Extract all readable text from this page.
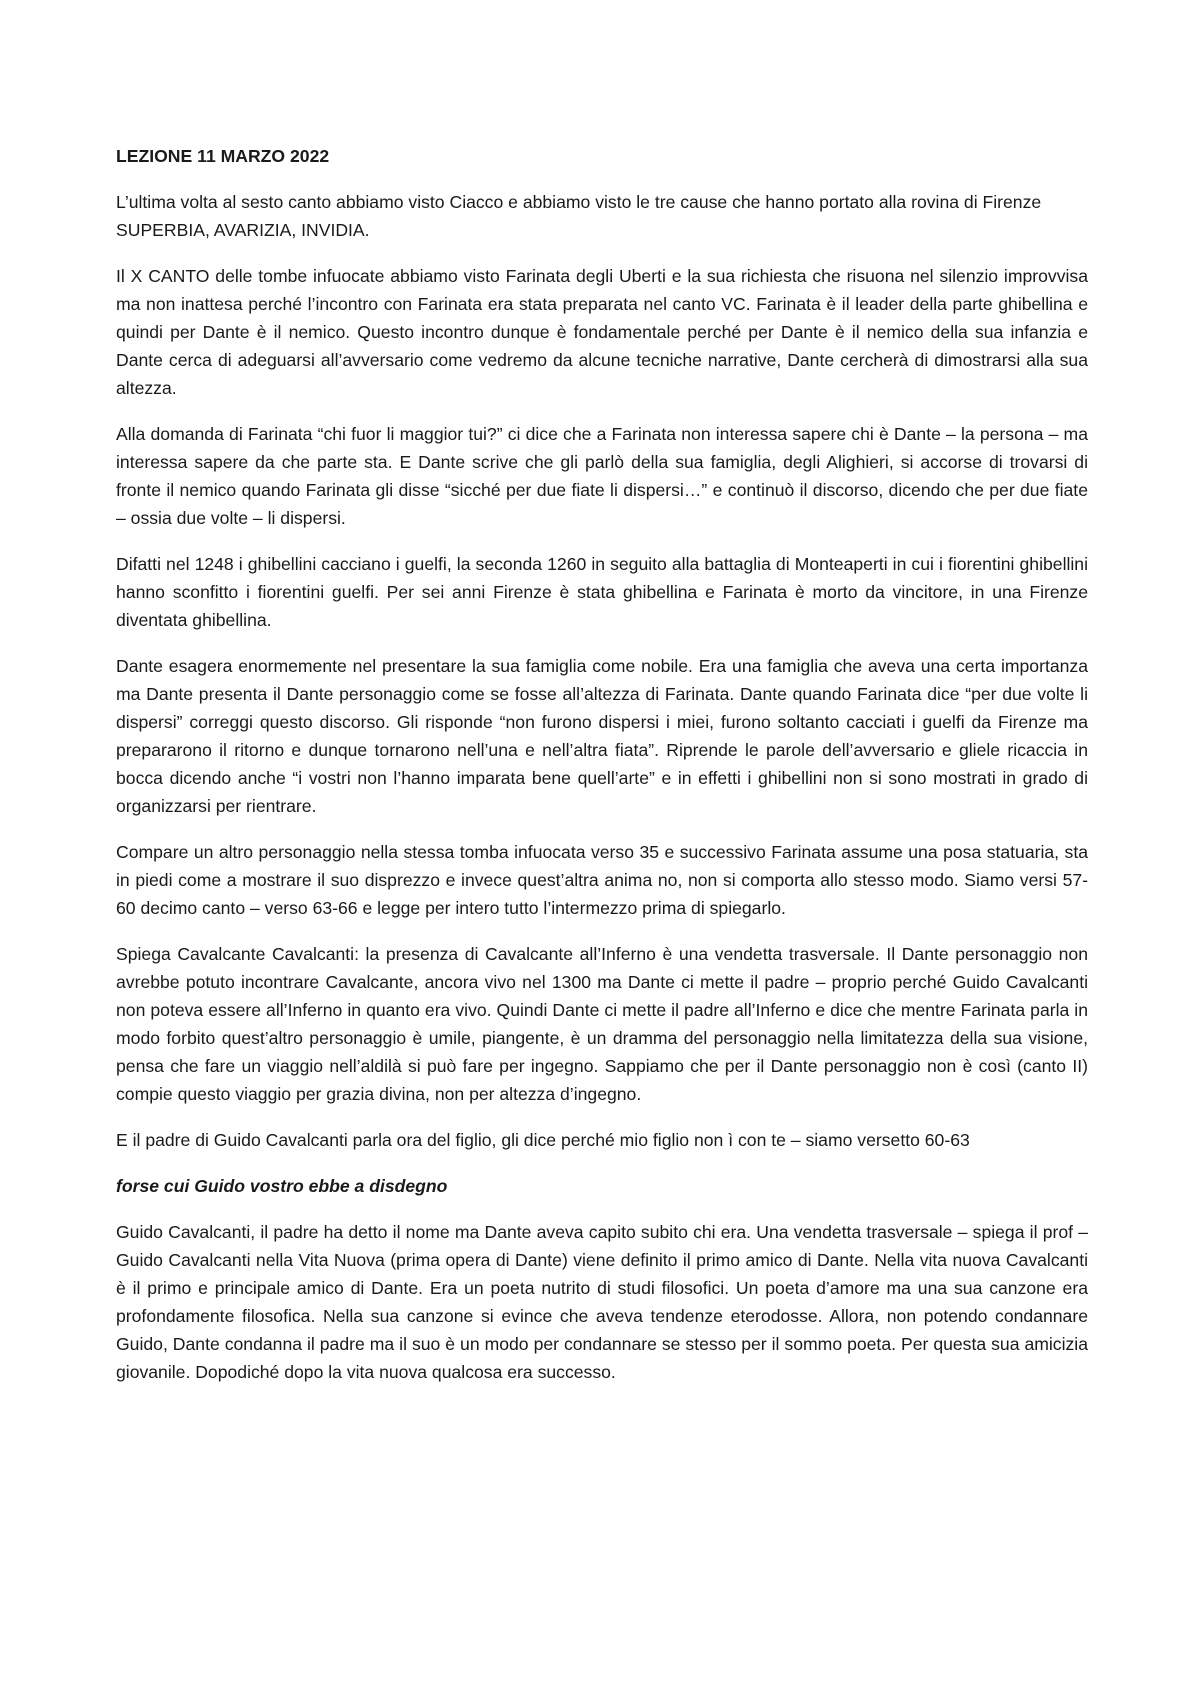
LEZIONE 11 MARZO 2022
L’ultima volta al sesto canto abbiamo visto Ciacco e abbiamo visto le tre cause che hanno portato alla rovina di Firenze SUPERBIA, AVARIZIA, INVIDIA.
Il X CANTO delle tombe infuocate abbiamo visto Farinata degli Uberti e la sua richiesta che risuona nel silenzio improvvisa ma non inattesa perché l’incontro con Farinata era stata preparata nel canto VC. Farinata è il leader della parte ghibellina e quindi per Dante è il nemico. Questo incontro dunque è fondamentale perché per Dante è il nemico della sua infanzia e Dante cerca di adeguarsi all’avversario come vedremo da alcune tecniche narrative, Dante cercherà di dimostrarsi alla sua altezza.
Alla domanda di Farinata “chi fuor li maggior tui?” ci dice che a Farinata non interessa sapere chi è Dante – la persona – ma interessa sapere da che parte sta. E Dante scrive che gli parlò della sua famiglia, degli Alighieri, si accorse di trovarsi di fronte il nemico quando Farinata gli disse “sicché per due fiate li dispersi…” e continuò il discorso, dicendo che per due fiate – ossia due volte – li dispersi.
Difatti nel 1248 i ghibellini cacciano i guelfi, la seconda 1260 in seguito alla battaglia di Monteaperti in cui i fiorentini ghibellini hanno sconfitto i fiorentini guelfi. Per sei anni Firenze è stata ghibellina e Farinata è morto da vincitore, in una Firenze diventata ghibellina.
Dante esagera enormemente nel presentare la sua famiglia come nobile. Era una famiglia che aveva una certa importanza ma Dante presenta il Dante personaggio come se fosse all’altezza di Farinata. Dante quando Farinata dice “per due volte li dispersi” correggi questo discorso. Gli risponde “non furono dispersi i miei, furono soltanto cacciati i guelfi da Firenze ma prepararono il ritorno e dunque tornarono nell’una e nell’altra fiata”. Riprende le parole dell’avversario e gliele ricaccia in bocca dicendo anche “i vostri non l’hanno imparata bene quell’arte” e in effetti i ghibellini non si sono mostrati in grado di organizzarsi per rientrare.
Compare un altro personaggio nella stessa tomba infuocata verso 35 e successivo Farinata assume una posa statuaria, sta in piedi come a mostrare il suo disprezzo e invece quest’altra anima no, non si comporta allo stesso modo. Siamo versi 57-60 decimo canto – verso 63-66 e legge per intero tutto l’intermezzo prima di spiegarlo.
Spiega Cavalcante Cavalcanti: la presenza di Cavalcante all’Inferno è una vendetta trasversale. Il Dante personaggio non avrebbe potuto incontrare Cavalcante, ancora vivo nel 1300 ma Dante ci mette il padre – proprio perché Guido Cavalcanti non poteva essere all’Inferno in quanto era vivo. Quindi Dante ci mette il padre all’Inferno e dice che mentre Farinata parla in modo forbito quest’altro personaggio è umile, piangente, è un dramma del personaggio nella limitatezza della sua visione, pensa che fare un viaggio nell’aldilà si può fare per ingegno. Sappiamo che per il Dante personaggio non è così (canto II) compie questo viaggio per grazia divina, non per altezza d’ingegno.
E il padre di Guido Cavalcanti parla ora del figlio, gli dice perché mio figlio non ì con te – siamo versetto 60-63
forse cui Guido vostro ebbe a disdegno
Guido Cavalcanti, il padre ha detto il nome ma Dante aveva capito subito chi era. Una vendetta trasversale – spiega il prof – Guido Cavalcanti nella Vita Nuova (prima opera di Dante) viene definito il primo amico di Dante. Nella vita nuova Cavalcanti è il primo e principale amico di Dante. Era un poeta nutrito di studi filosofici. Un poeta d’amore ma una sua canzone era profondamente filosofica. Nella sua canzone si evince che aveva tendenze eterodosse. Allora, non potendo condannare Guido, Dante condanna il padre ma il suo è un modo per condannare se stesso per il sommo poeta. Per questa sua amicizia giovanile. Dopodiché dopo la vita nuova qualcosa era successo.
